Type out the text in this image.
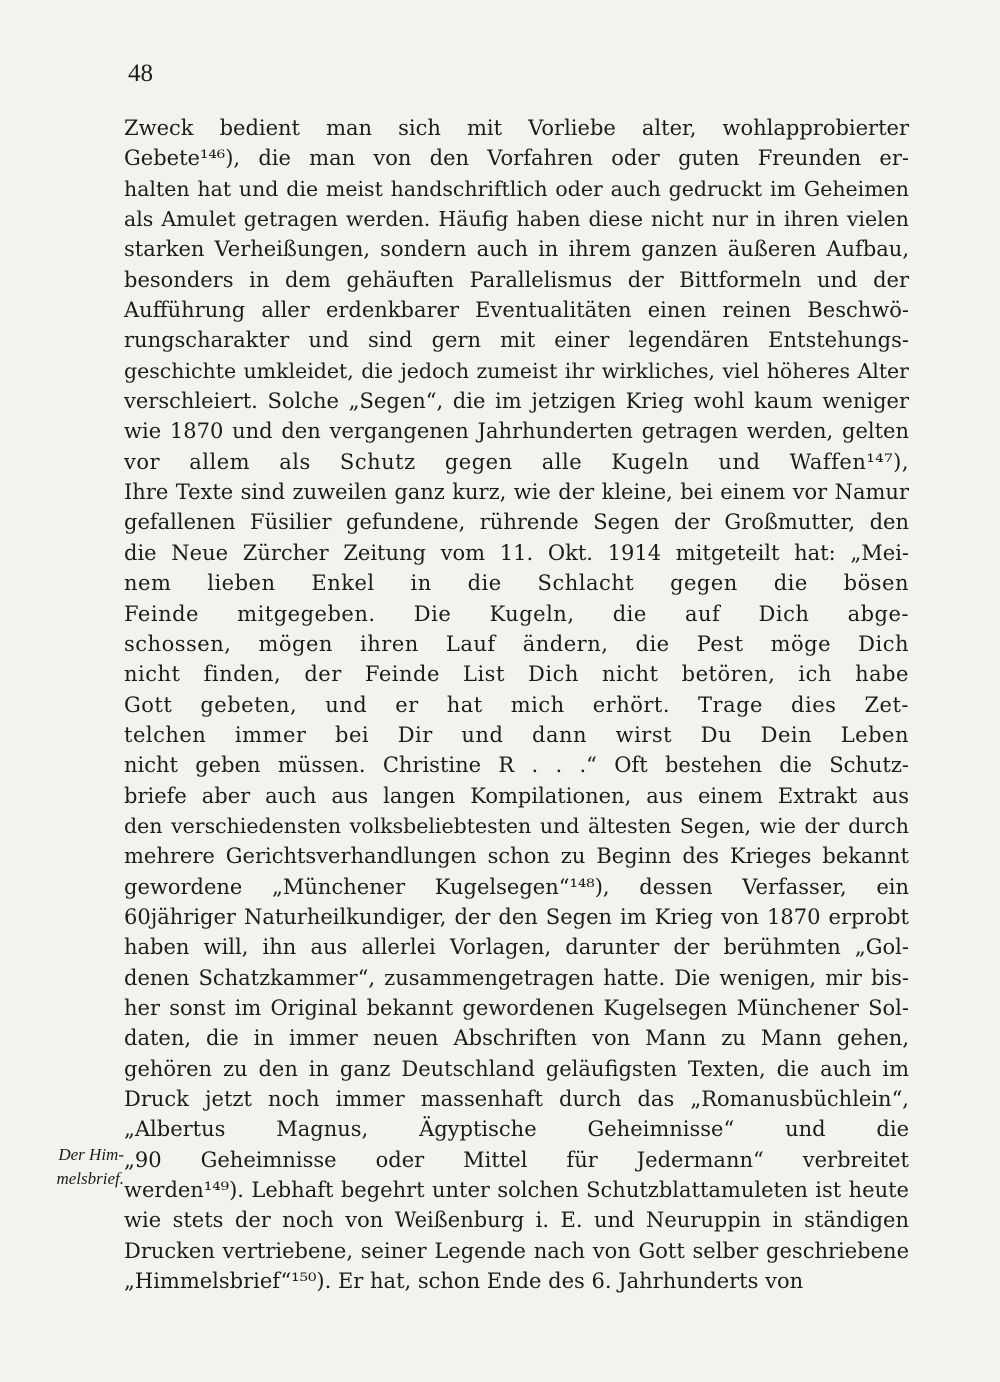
48
Zweck bedient man sich mit Vorliebe alter, wohlapprobierter
Gebete¹⁴⁶), die man von den Vorfahren oder guten Freunden er-
halten hat und die meist handschriftlich oder auch gedruckt im Geheimen
als Amulet getragen werden. Häufig haben diese nicht nur in ihren vielen
starken Verheißungen, sondern auch in ihrem ganzen äußeren Aufbau,
besonders in dem gehäuften Parallelismus der Bittformeln und der
Aufführung aller erdenkbarer Eventualitäten einen reinen Beschwö-
rungscharakter und sind gern mit einer legendären Entstehungs-
geschichte umkleidet, die jedoch zumeist ihr wirkliches, viel höheres Alter
verschleiert. Solche „Segen“, die im jetzigen Krieg wohl kaum weniger
wie 1870 und den vergangenen Jahrhunderten getragen werden, gelten
vor allem als Schutz gegen alle Kugeln und Waffen¹⁴⁷),
Ihre Texte sind zuweilen ganz kurz, wie der kleine, bei einem vor Namur
gefallenen Füsilier gefundene, rührende Segen der Großmutter, den
die Neue Zürcher Zeitung vom 11. Okt. 1914 mitgeteilt hat: „Mei-
nem lieben Enkel in die Schlacht gegen die bösen
Feinde mitgegeben. Die Kugeln, die auf Dich abge-
schossen, mögen ihren Lauf ändern, die Pest möge Dich
nicht finden, der Feinde List Dich nicht betören, ich habe
Gott gebeten, und er hat mich erhört. Trage dies Zet-
telchen immer bei Dir und dann wirst Du Dein Leben
nicht geben müssen. Christine R . . .“ Oft bestehen die Schutz-
briefe aber auch aus langen Kompilationen, aus einem Extrakt aus
den verschiedensten volksbeliebtesten und ältesten Segen, wie der durch
mehrere Gerichtsverhandlungen schon zu Beginn des Krieges bekannt
gewordene „Münchener Kugelsegen“¹⁴⁸), dessen Verfasser, ein
60jähriger Naturheilkundiger, der den Segen im Krieg von 1870 erprobt
haben will, ihn aus allerlei Vorlagen, darunter der berühmten „Gol-
denen Schatzkammer“, zusammengetragen hatte. Die wenigen, mir bis-
her sonst im Original bekannt gewordenen Kugelsegen Münchener Sol-
daten, die in immer neuen Abschriften von Mann zu Mann gehen,
gehören zu den in ganz Deutschland geläufigsten Texten, die auch im
Druck jetzt noch immer massenhaft durch das „Romanusbüchlein“,
„Albertus Magnus, Ägyptische Geheimnisse“ und die
„90 Geheimnisse oder Mittel für Jedermann“ verbreitet
werden¹⁴⁹). Lebhaft begehrt unter solchen Schutzblattamuleten ist heute
wie stets der noch von Weißenburg i. E. und Neuruppin in ständigen
Drucken vertriebene, seiner Legende nach von Gott selber geschriebene
„Himmelsbrief“¹⁵⁰). Er hat, schon Ende des 6. Jahrhunderts von
Der Him-
melsbrief.
